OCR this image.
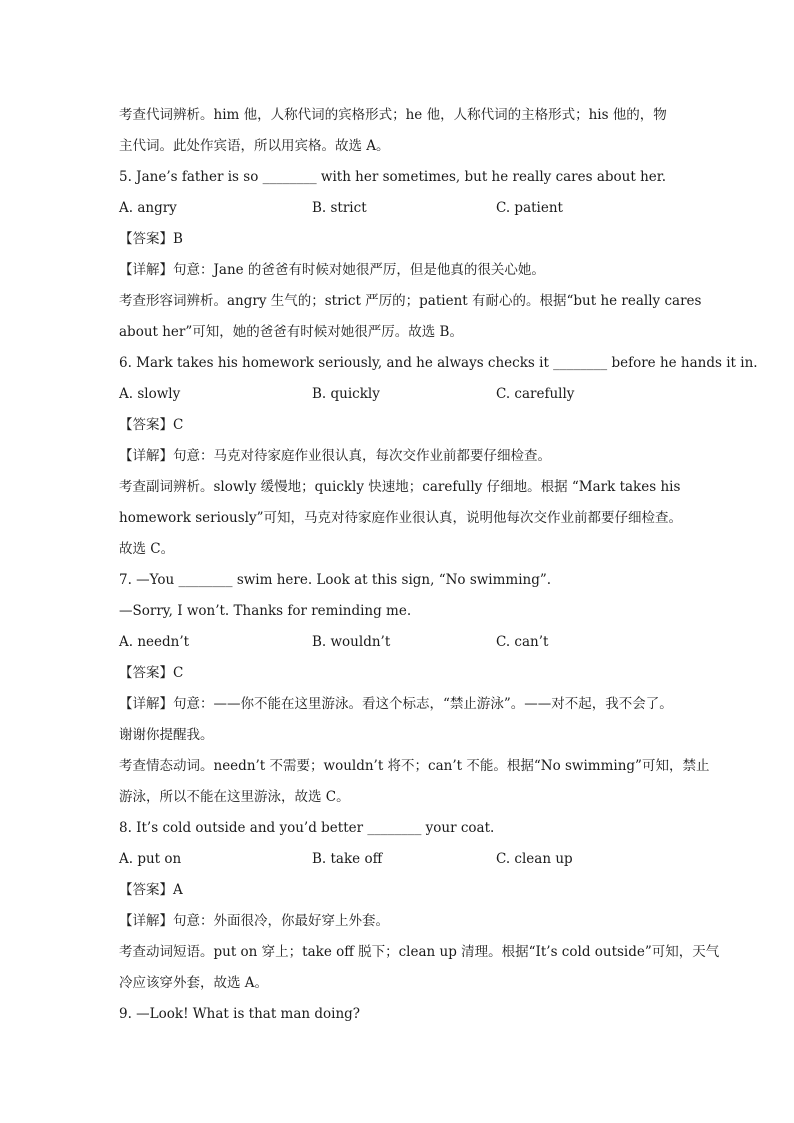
考查代词辨析。him 他，人称代词的宾格形式；he 他，人称代词的主格形式；his 他的，物
主代词。此处作宾语，所以用宾格。故选 A。
5. Jane’s father is so ________ with her sometimes, but he really cares about her.
A. angry	B. strict	C. patient
【答案】B
【详解】句意：Jane 的爸爸有时候对她很严厉，但是他真的很关心她。
考查形容词辨析。angry 生气的；strict 严厉的；patient 有耐心的。根据“but he really cares
about her”可知，她的爸爸有时候对她很严厉。故选 B。
6. Mark takes his homework seriously, and he always checks it ________ before he hands it in.
A. slowly	B. quickly	C. carefully
【答案】C
【详解】句意：马克对待家庭作业很认真，每次交作业前都要仔细检查。
考查副词辨析。slowly 缓慢地；quickly 快速地；carefully 仔细地。根据 “Mark takes his
homework seriously”可知，马克对待家庭作业很认真，说明他每次交作业前都要仔细检查。
故选 C。
7. —You ________ swim here. Look at this sign, “No swimming”.
—Sorry, I won’t. Thanks for reminding me.
A. needn’t	B. wouldn’t	C. can’t
【答案】C
【详解】句意：——你不能在这里游泳。看这个标志，“禁止游泳”。——对不起，我不会了。
谢谢你提醒我。
考查情态动词。needn’t 不需要；wouldn’t 将不；can’t 不能。根据“No swimming”可知，禁止
游泳，所以不能在这里游泳，故选 C。
8. It’s cold outside and you’d better ________ your coat.
A. put on	B. take off	C. clean up
【答案】A
【详解】句意：外面很冷，你最好穿上外套。
考查动词短语。put on 穿上；take off 脱下；clean up 清理。根据“It’s cold outside”可知，天气
冷应该穿外套，故选 A。
9. —Look! What is that man doing?
